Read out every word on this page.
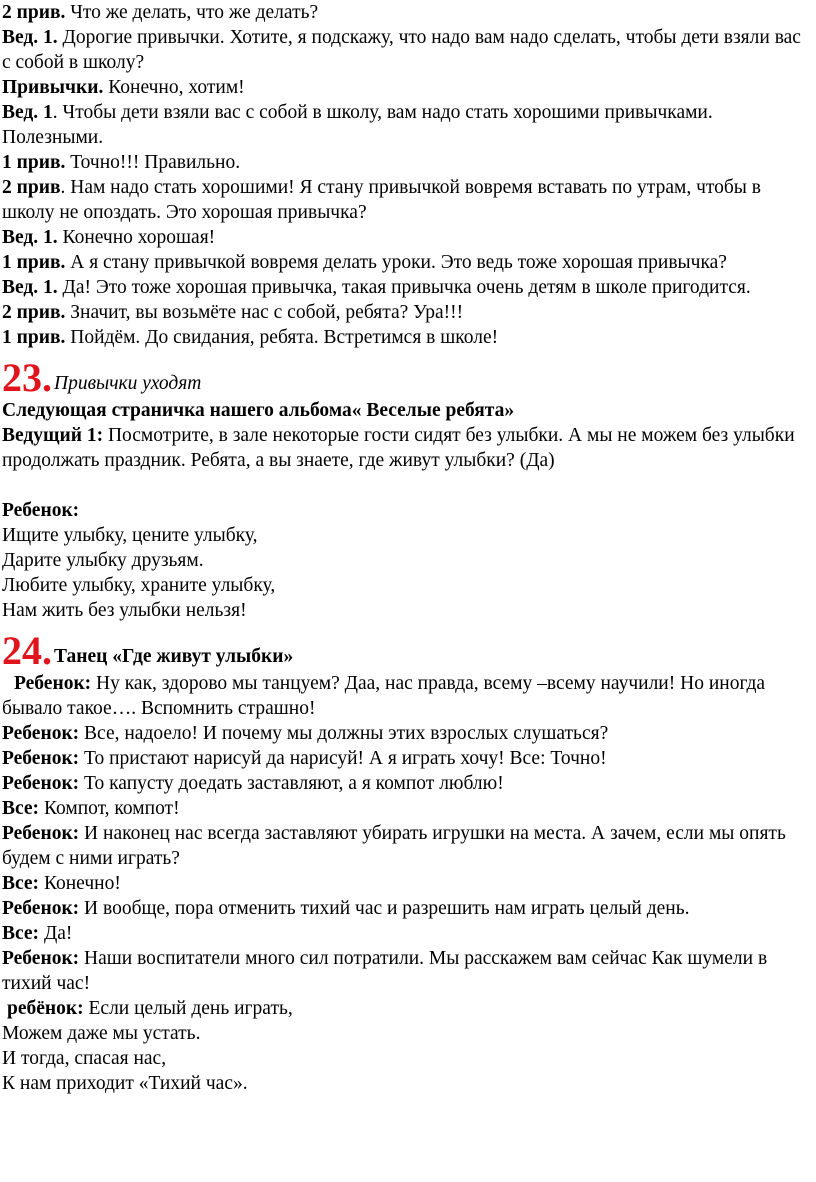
2 прив. Что же делать, что же делать?
Вед. 1. Дорогие привычки. Хотите, я подскажу, что надо вам надо сделать, чтобы дети взяли вас с собой в школу?
Привычки. Конечно, хотим!
Вед. 1. Чтобы дети взяли вас с собой в школу, вам надо стать хорошими привычками. Полезными.
1 прив. Точно!!! Правильно.
2 прив. Нам надо стать хорошими! Я стану привычкой вовремя вставать по утрам, чтобы в школу не опоздать. Это хорошая привычка?
Вед. 1. Конечно хорошая!
1 прив. А я стану привычкой вовремя делать уроки. Это ведь тоже хорошая привычка?
Вед. 1. Да! Это тоже хорошая привычка, такая привычка очень детям в школе пригодится.
2 прив. Значит, вы возьмёте нас с собой, ребята? Ура!!!
1 прив. Пойдём. До свидания, ребята. Встретимся в школе!
23. Привычки уходят
Следующая страничка нашего альбома« Веселые ребята»
Ведущий 1: Посмотрите, в зале некоторые гости сидят без улыбки. А мы не можем без улыбки продолжать праздник. Ребята, а вы знаете, где живут улыбки? (Да)
Ребенок:
Ищите улыбку, цените улыбку,
Дарите улыбку друзьям.
Любите улыбку, храните улыбку,
Нам жить без улыбки нельзя!
24. Танец «Где живут улыбки»
Ребенок: Ну как, здорово мы танцуем? Даа, нас правда, всему –всему научили! Но иногда бывало такое…. Вспомнить страшно!
Ребенок: Все, надоело! И почему мы должны этих взрослых слушаться?
Ребенок: То пристают нарисуй да нарисуй! А я играть хочу! Все: Точно!
Ребенок: То капусту доедать заставляют, а я компот люблю!
Все: Компот, компот!
Ребенок: И наконец нас всегда заставляют убирать игрушки на места. А зачем, если мы опять будем с ними играть?
Все: Конечно!
Ребенок: И вообще, пора отменить тихий час и разрешить нам играть целый день.
Все: Да!
Ребенок: Наши воспитатели много сил потратили. Мы расскажем вам сейчас Как шумели в тихий час!
ребёнок: Если целый день играть,
Можем даже мы устать.
И тогда, спасая нас,
К нам приходит «Тихий час».
